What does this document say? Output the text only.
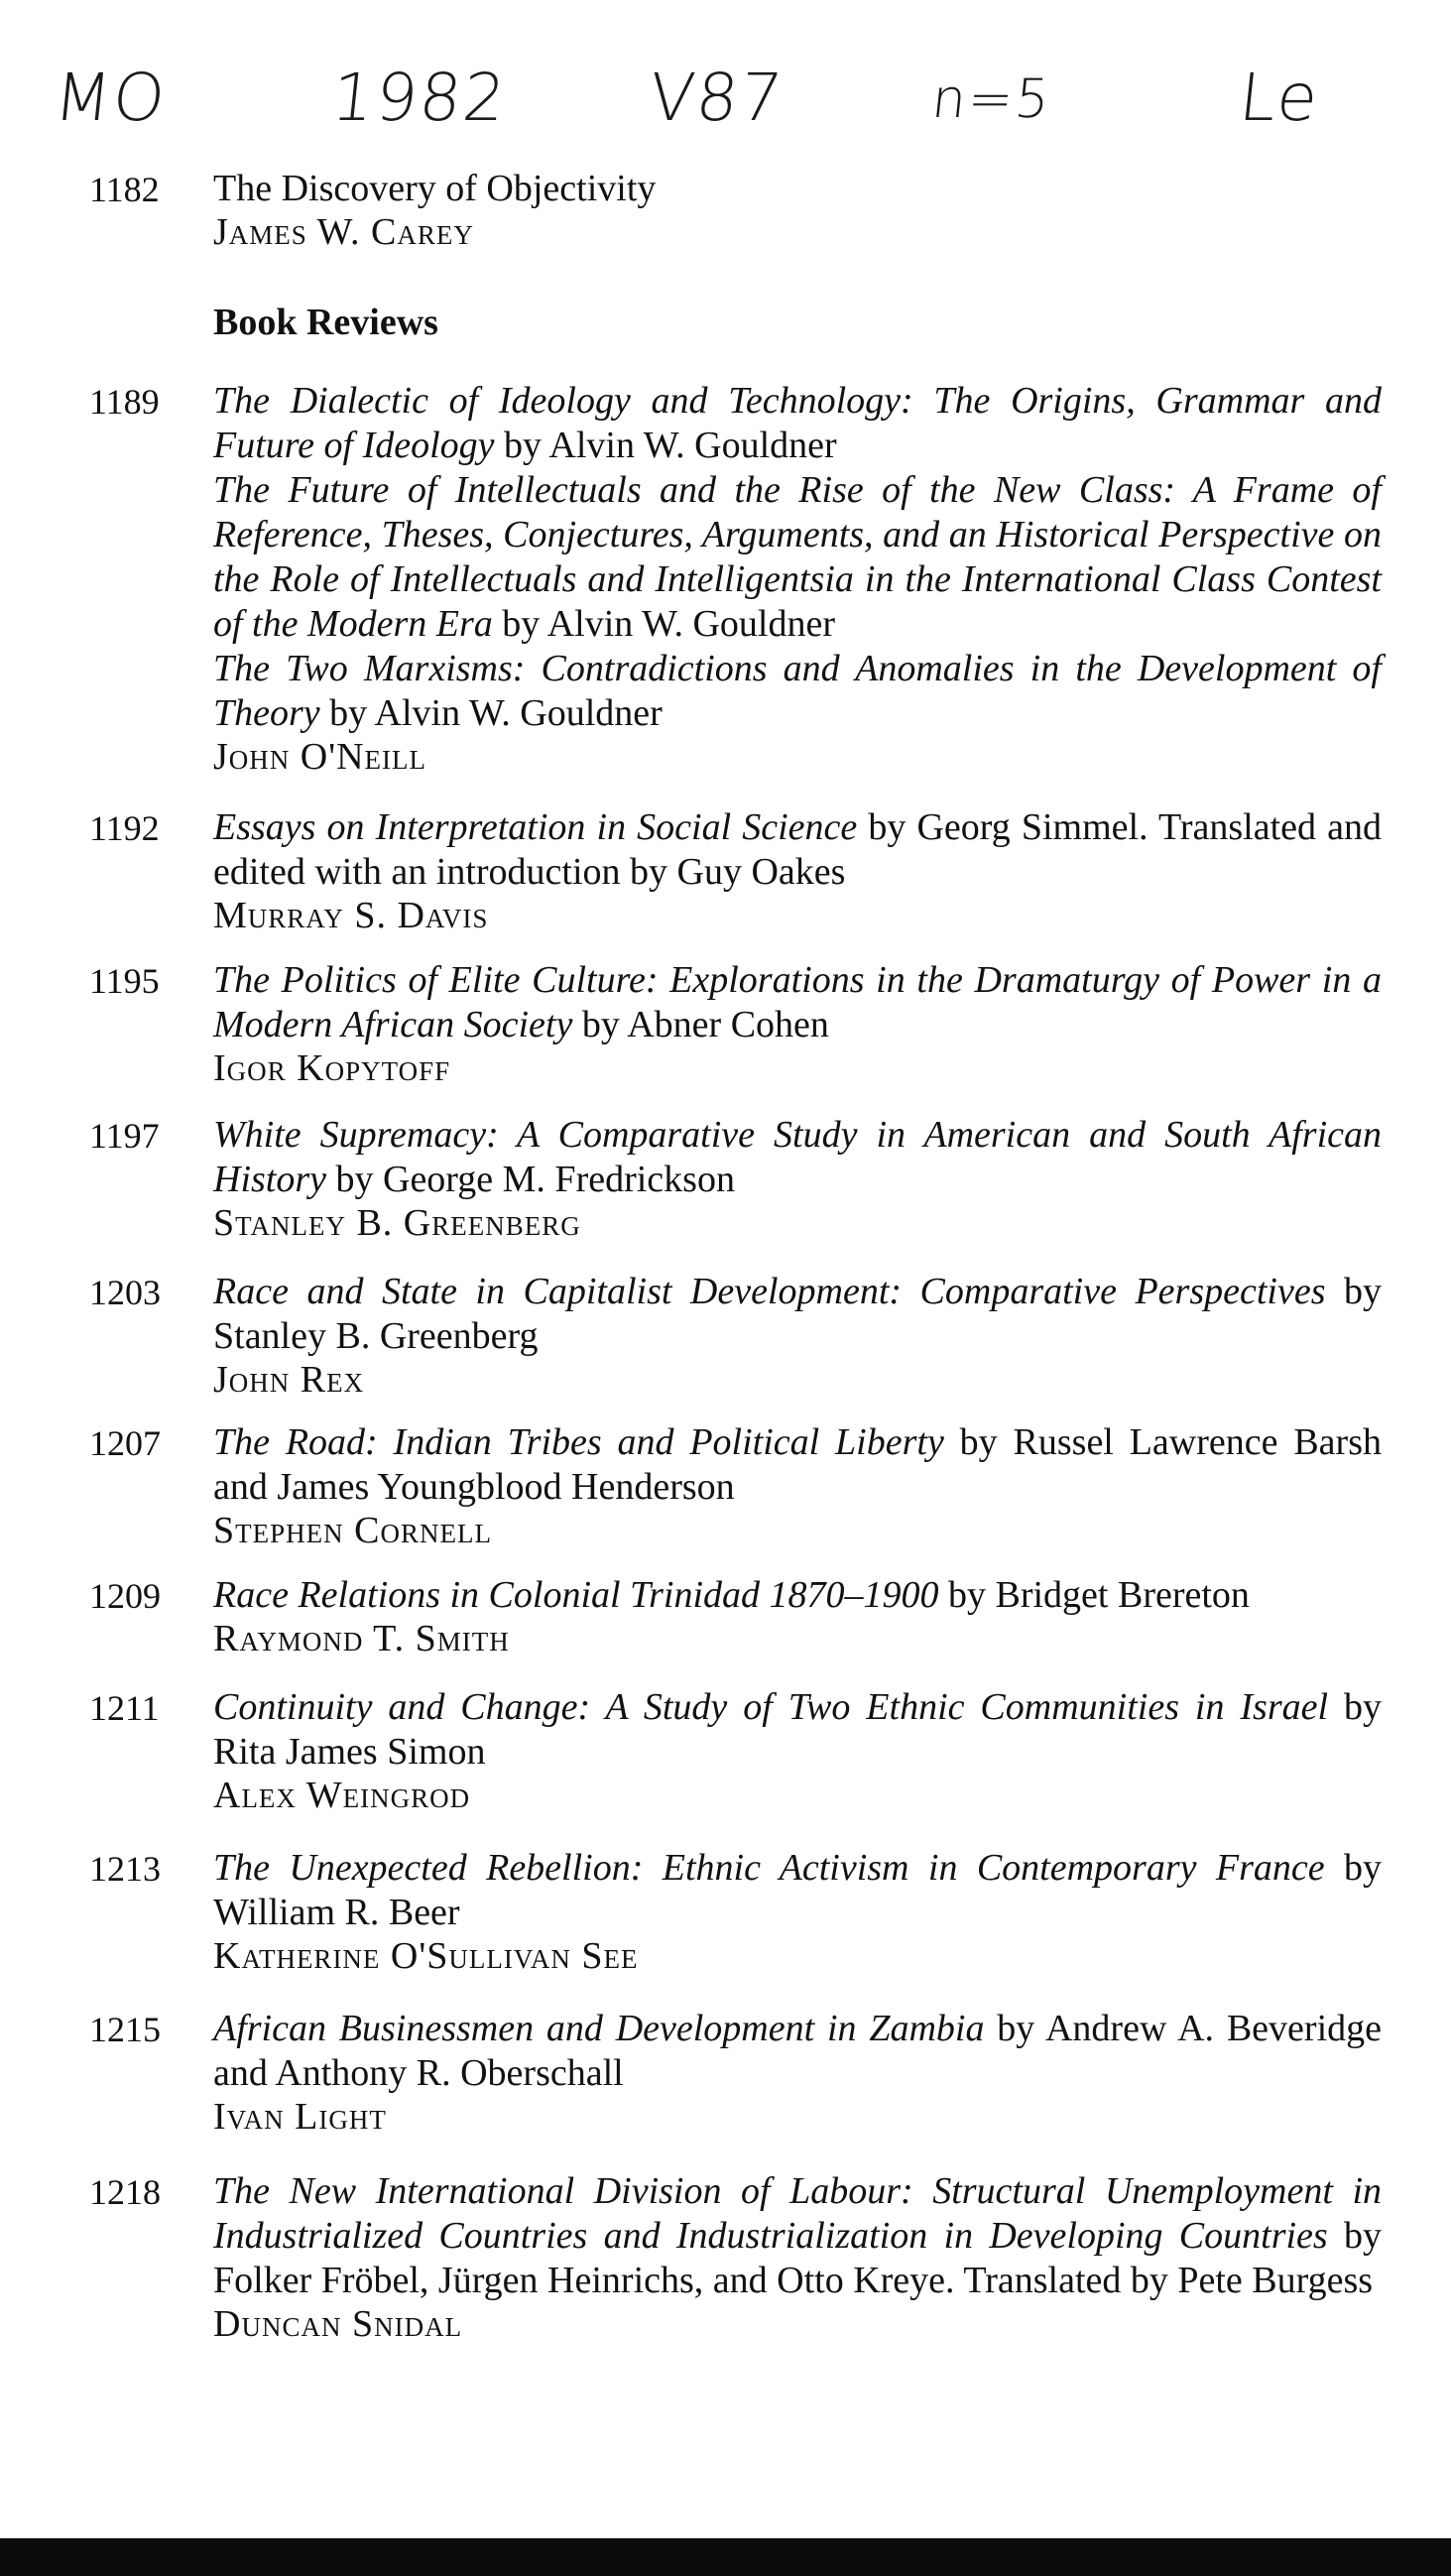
MO 1982 V87	n=5	Le
1182	The Discovery of Objectivity

James W. Carey
Book Reviews
1189	The Dialectic of Ideology and Technology: The Origins, Grammar and Future of Ideology by Alvin W. Gouldner

The Future of Intellectuals and the Rise of the New Class: A Frame of Reference, Theses, Conjectures, Arguments, and an Historical Perspective on the Role of Intellectuals and Intelligentsia in the International Class Contest of the Modern Era by Alvin W. Gouldner

The Two Marxisms: Contradictions and Anomalies in the Development of Theory by Alvin W. Gouldner

John O'Neill
1192	Essays on Interpretation in Social Science by Georg Simmel. Translated and edited with an introduction by Guy Oakes

Murray S. Davis
1195	The Politics of Elite Culture: Explorations in the Dramaturgy of Power in a Modern African Society by Abner Cohen

Igor Kopytoff
1197	White Supremacy: A Comparative Study in American and South African History by George M. Fredrickson

Stanley B. Greenberg
1203	Race and State in Capitalist Development: Comparative Perspectives by Stanley B. Greenberg

John Rex
1207	The Road: Indian Tribes and Political Liberty by Russel Lawrence Barsh and James Youngblood Henderson

Stephen Cornell
1209	Race Relations in Colonial Trinidad 1870–1900 by Bridget Brereton

Raymond T. Smith
1211	Continuity and Change: A Study of Two Ethnic Communities in Israel by Rita James Simon

Alex Weingrod
1213	The Unexpected Rebellion: Ethnic Activism in Contemporary France by William R. Beer

Katherine O'Sullivan See
1215	African Businessmen and Development in Zambia by Andrew A. Beveridge and Anthony R. Oberschall

Ivan Light
1218	The New International Division of Labour: Structural Unemployment in Industrialized Countries and Industrialization in Developing Countries by Folker Fröbel, Jürgen Heinrichs, and Otto Kreye. Translated by Pete Burgess

Duncan Snidal
